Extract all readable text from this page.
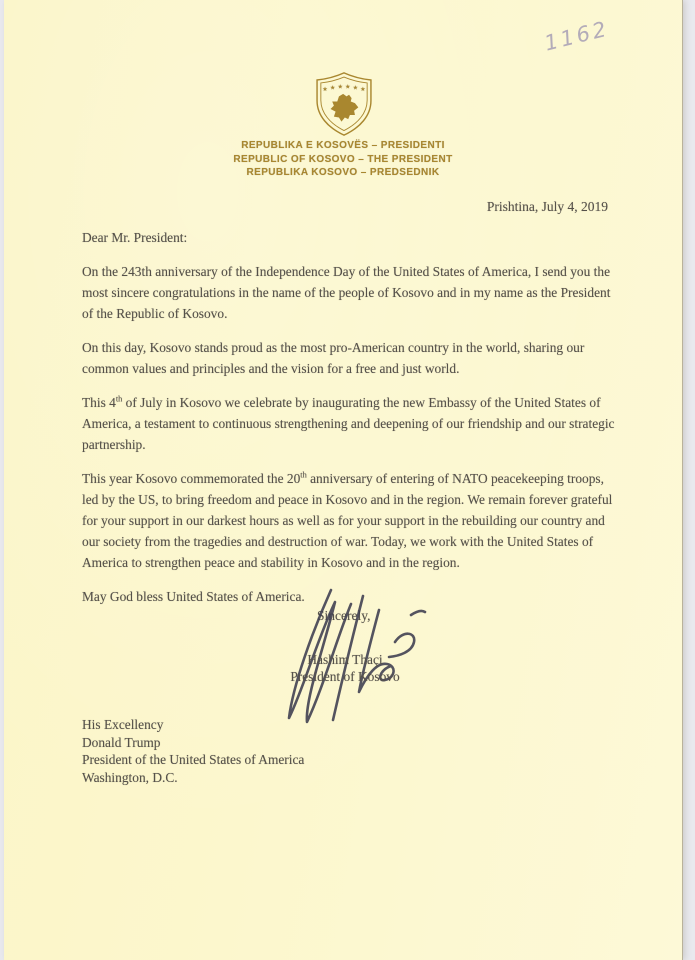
1162
★ ★ ★ ★ ★ ★
REPUBLIKA E KOSOVËS – PRESIDENTI
REPUBLIC OF KOSOVO – THE PRESIDENT
REPUBLIKA KOSOVO – PREDSEDNIK
Prishtina, July 4, 2019

Dear Mr. President:

On the 243th anniversary of the Independence Day of the United States of America, I send you the most sincere congratulations in the name of the people of Kosovo and in my name as the President of the Republic of Kosovo.

On this day, Kosovo stands proud as the most pro-American country in the world, sharing our common values and principles and the vision for a free and just world.

This 4th of July in Kosovo we celebrate by inaugurating the new Embassy of the United States of America, a testament to continuous strengthening and deepening of our friendship and our strategic partnership.

This year Kosovo commemorated the 20th anniversary of entering of NATO peacekeeping troops, led by the US, to bring freedom and peace in Kosovo and in the region. We remain forever grateful for your support in our darkest hours as well as for your support in the rebuilding our country and our society from the tragedies and destruction of war. Today, we work with the United States of America to strengthen peace and stability in Kosovo and in the region.

May God bless United States of America.

Sincerely,
Hashim Thaçi
President of Kosovo
His Excellency
Donald Trump
President of the United States of America
Washington, D.C.
